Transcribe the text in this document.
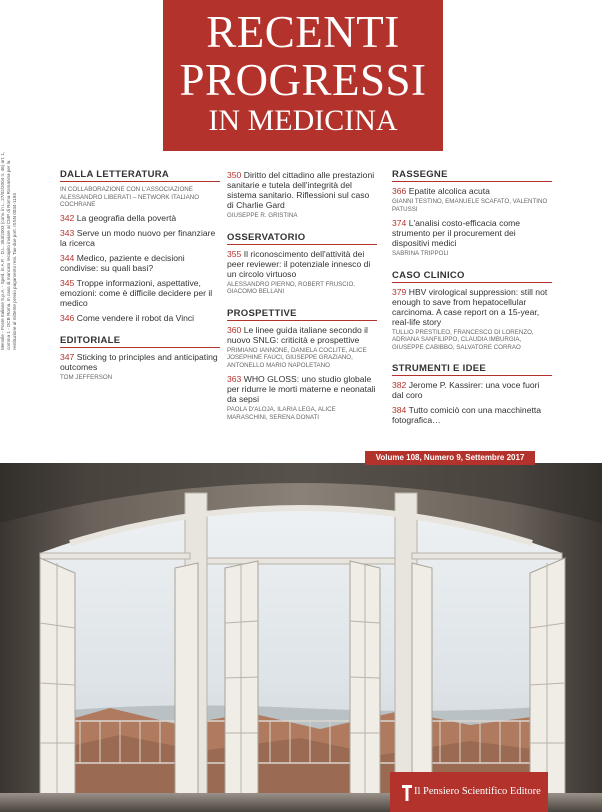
RECENTI
PROGRESSI
IN MEDICINA
Mensile - Poste Italiane S.p.A. - Sped. in A.P. - D.L. 353/2003 (conv. in L. 27/02/2004 n. 46) art. 1, comma 1 - DCB Roma. In caso di mancato recapito inviare al CMP di Roma Romanina per la restituzione al mittente previo pagamento resi. Tax-due port. ISSN 0034-1193
DALLA LETTERATURA
IN COLLABORAZIONE CON L'ASSOCIAZIONE ALESSANDRO LIBERATI – NETWORK ITALIANO COCHRANE
342 La geografia della povertà
343 Serve un modo nuovo per finanziare la ricerca
344 Medico, paziente e decisioni condivise: su quali basi?
345 Troppe informazioni, aspettative, emozioni: come è difficile decidere per il medico
346 Come vendere il robot da Vinci
EDITORIALE
347 Sticking to principles and anticipating outcomes
TOM JEFFERSON
350 Diritto del cittadino alle prestazioni sanitarie e tutela dell'integrità del sistema sanitario. Riflessioni sul caso di Charlie Gard
GIUSEPPE R. GRISTINA
OSSERVATORIO
355 Il riconoscimento dell'attività dei peer reviewer: il potenziale innesco di un circolo virtuoso
ALESSANDRO PIERNO, ROBERT FRUSCIO, GIACOMO BELLANI
PROSPETTIVE
360 Le linee guida italiane secondo il nuovo SNLG: criticità e prospettive
PRIMIANO IANNONE, DANIELA COCLITE, ALICE JOSEPHINE FAUCI, GIUSEPPE GRAZIANO, ANTONELLO MARIO NAPOLETANO
363 WHO GLOSS: uno studio globale per ridurre le morti materne e neonatali da sepsi
PAOLA D'ALOJA, ILARIA LEGA, ALICE MARASCHINI, SERENA DONATI
RASSEGNE
366 Epatite alcolica acuta
GIANNI TESTINO, EMANUELE SCAFATO, VALENTINO PATUSSI
374 L'analisi costo-efficacia come strumento per il procurement dei dispositivi medici
SABRINA TRIPPOLI
CASO CLINICO
379 HBV virological suppression: still not enough to save from hepatocellular carcinoma. A case report on a 15-year, real-life story
TULLIO PRESTILEO, FRANCESCO DI LORENZO, ADRIANA SANFILIPPO, CLAUDIA IMBURGIA, GIUSEPPE CABIBBO, SALVATORE CORRAO
STRUMENTI E IDEE
382 Jerome P. Kassirer: una voce fuori dal coro
384 Tutto comiciò con una macchinetta fotografica…
Volume 108, Numero 9, Settembre 2017
Il Pensiero Scientifico Editore
